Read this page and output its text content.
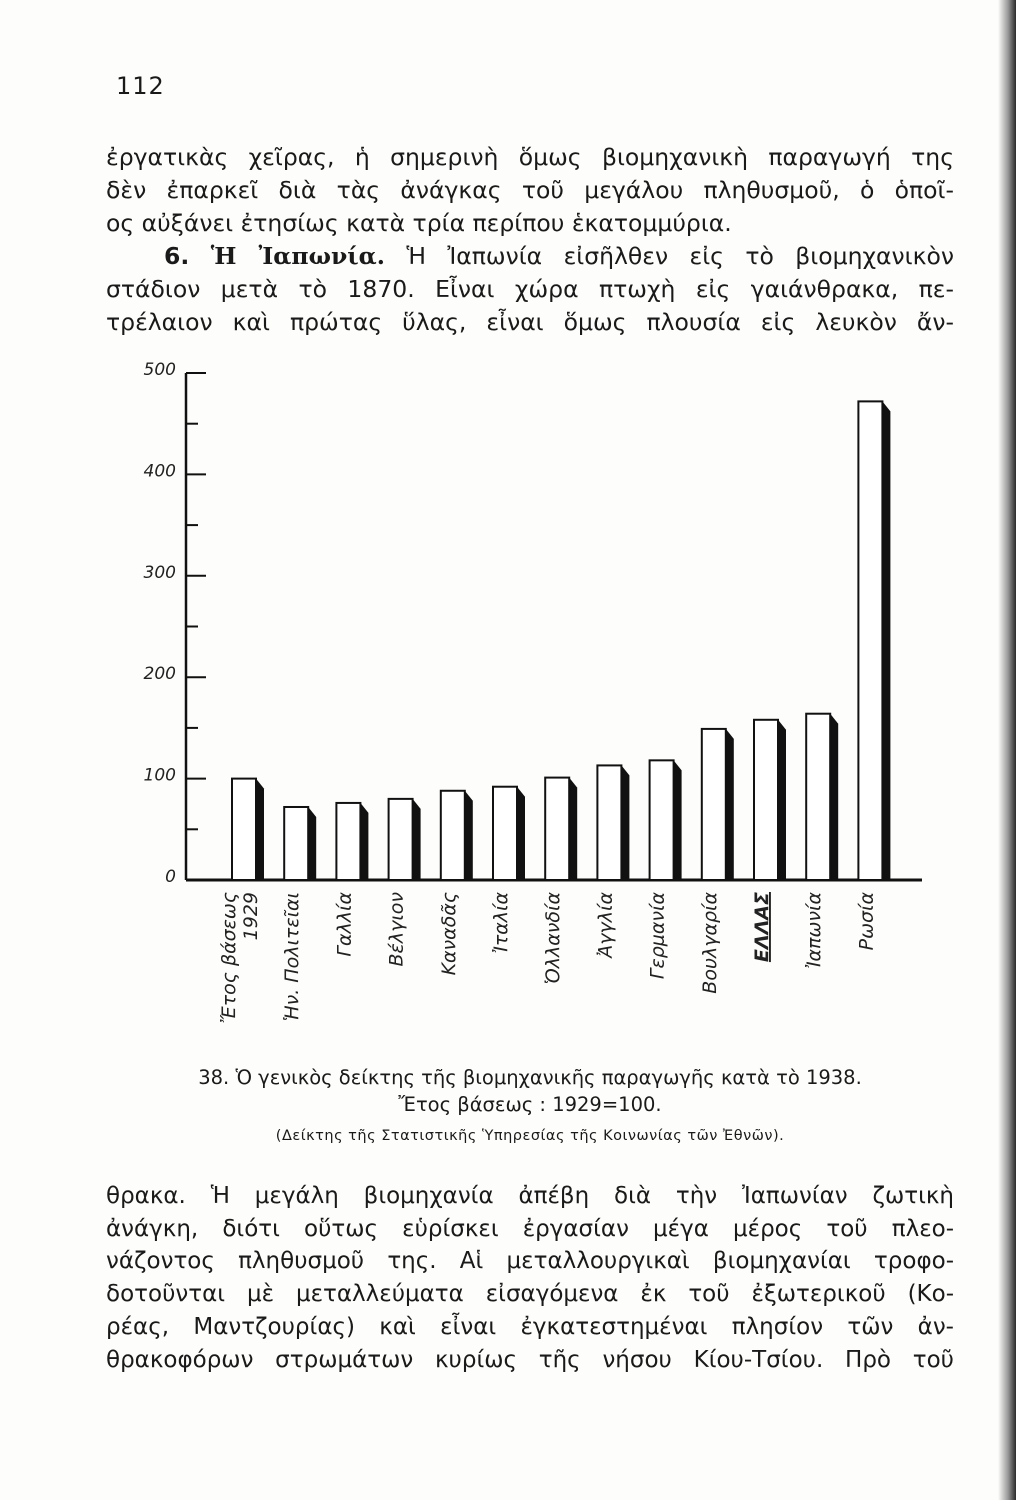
112
ἐργατικὰς χεῖρας, ἡ σημερινὴ ὅμως βιομηχανικὴ παραγωγή της
δὲν ἐπαρκεῖ διὰ τὰς ἀνάγκας τοῦ μεγάλου πληθυσμοῦ, ὁ ὁποῖ-
ος αὐξάνει ἐτησίως κατὰ τρία περίπου ἑκατομμύρια.
6. Ἡ Ἰαπωνία. Ἡ Ἰαπωνία εἰσῆλθεν εἰς τὸ βιομηχανικὸν
στάδιον μετὰ τὸ 1870. Εἶναι χώρα πτωχὴ εἰς γαιάνθρακα, πε-
τρέλαιον καὶ πρώτας ὕλας, εἶναι ὅμως πλουσία εἰς λευκὸν ἄν-
0
100
200
300
400
500
Ἔτος βάσεως 1929 Ἡν. Πολιτεῖαι Γαλλία Βέλγιον Καναδᾶς Ἰταλία Ὁλλανδία Ἀγγλία Γερμανία Βουλγαρία ΕΛΛΑΣ Ἰαπωνία Ρωσία
38. Ὁ γενικὸς δείκτης τῆς βιομηχανικῆς παραγωγῆς κατὰ τὸ 1938.
Ἔτος βάσεως : 1929=100.
(Δείκτης τῆς Στατιστικῆς Ὑπηρεσίας τῆς Κοινωνίας τῶν Ἐθνῶν).
θρακα. Ἡ μεγάλη βιομηχανία ἀπέβη διὰ τὴν Ἰαπωνίαν ζωτικὴ
ἀνάγκη, διότι οὕτως εὑρίσκει ἐργασίαν μέγα μέρος τοῦ πλεο-
νάζοντος πληθυσμοῦ της. Αἱ μεταλλουργικαὶ βιομηχανίαι τροφο-
δοτοῦνται μὲ μεταλλεύματα εἰσαγόμενα ἐκ τοῦ ἐξωτερικοῦ (Κο-
ρέας, Μαντζουρίας) καὶ εἶναι ἐγκατεστημέναι πλησίον τῶν ἀν-
θρακοφόρων στρωμάτων κυρίως τῆς νήσου Κίου-Τσίου. Πρὸ τοῦ
